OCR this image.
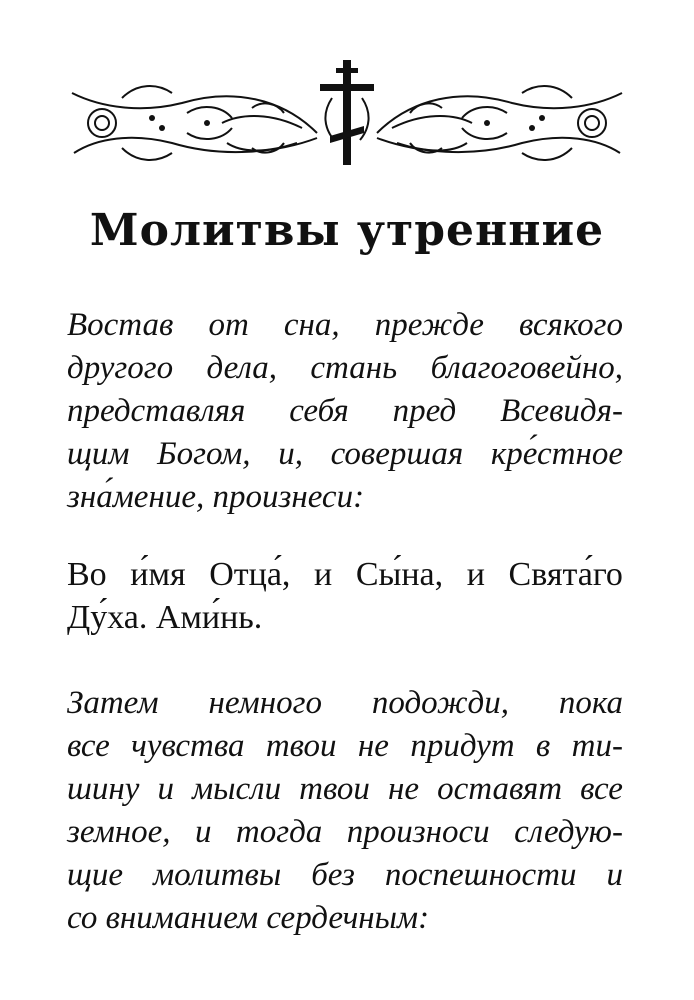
Молитвы утренние
Востав от сна, прежде всякого
другого дела, стань благоговейно,
представляя себя пред Всевидя-
щим Богом, и, совершая кре́стное
зна́мение, произнеси:
Во и́мя Отца́, и Сы́на, и Свята́го
Ду́ха. Ами́нь.
Затем немного подожди, пока
все чувства твои не придут в ти-
шину и мысли твои не оставят все
земное, и тогда произноси следую-
щие молитвы без поспешности и
со вниманием сердечным:
